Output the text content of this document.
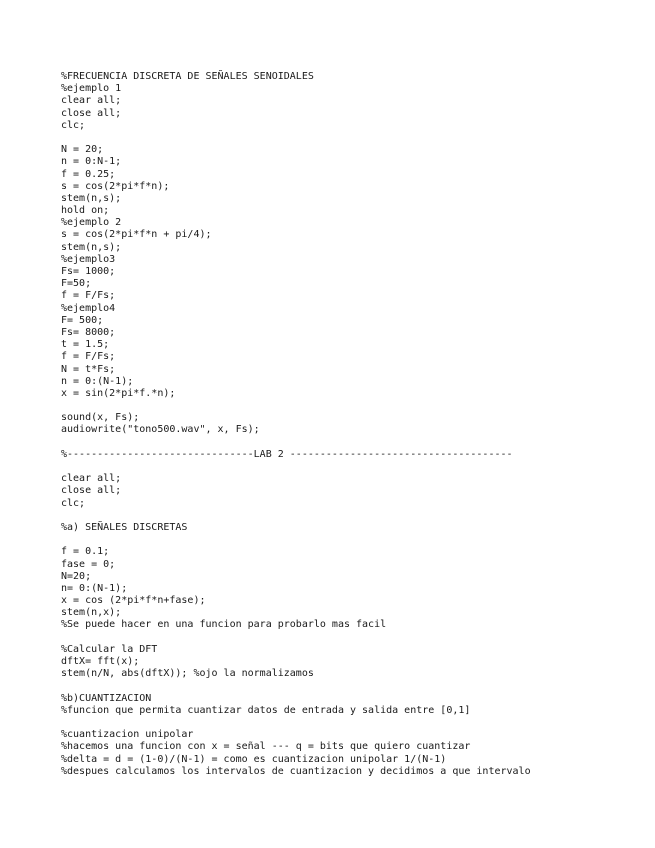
%FRECUENCIA DISCRETA DE SEÑALES SENOIDALES
%ejemplo 1
clear all;
close all;
clc;
N = 20;
n = 0:N-1;
f = 0.25;
s = cos(2*pi*f*n);
stem(n,s);
hold on;
%ejemplo 2
s = cos(2*pi*f*n + pi/4);
stem(n,s);
%ejemplo3
Fs= 1000;
F=50;
f = F/Fs;
%ejemplo4
F= 500;
Fs= 8000;
t = 1.5;
f = F/Fs;
N = t*Fs;
n = 0:(N-1);
x = sin(2*pi*f.*n);
sound(x, Fs);
audiowrite("tono500.wav", x, Fs);
%-------------------------------LAB 2 -------------------------------------
clear all;
close all;
clc;
%a) SEÑALES DISCRETAS
f = 0.1;
fase = 0;
N=20;
n= 0:(N-1);
x = cos (2*pi*f*n+fase);
stem(n,x);
%Se puede hacer en una funcion para probarlo mas facil
%Calcular la DFT
dftX= fft(x);
stem(n/N, abs(dftX)); %ojo la normalizamos
%b)CUANTIZACION
%funcion que permita cuantizar datos de entrada y salida entre [0,1]
%cuantizacion unipolar
%hacemos una funcion con x = señal --- q = bits que quiero cuantizar
%delta = d = (1-0)/(N-1) = como es cuantizacion unipolar 1/(N-1)
%despues calculamos los intervalos de cuantizacion y decidimos a que intervalo
